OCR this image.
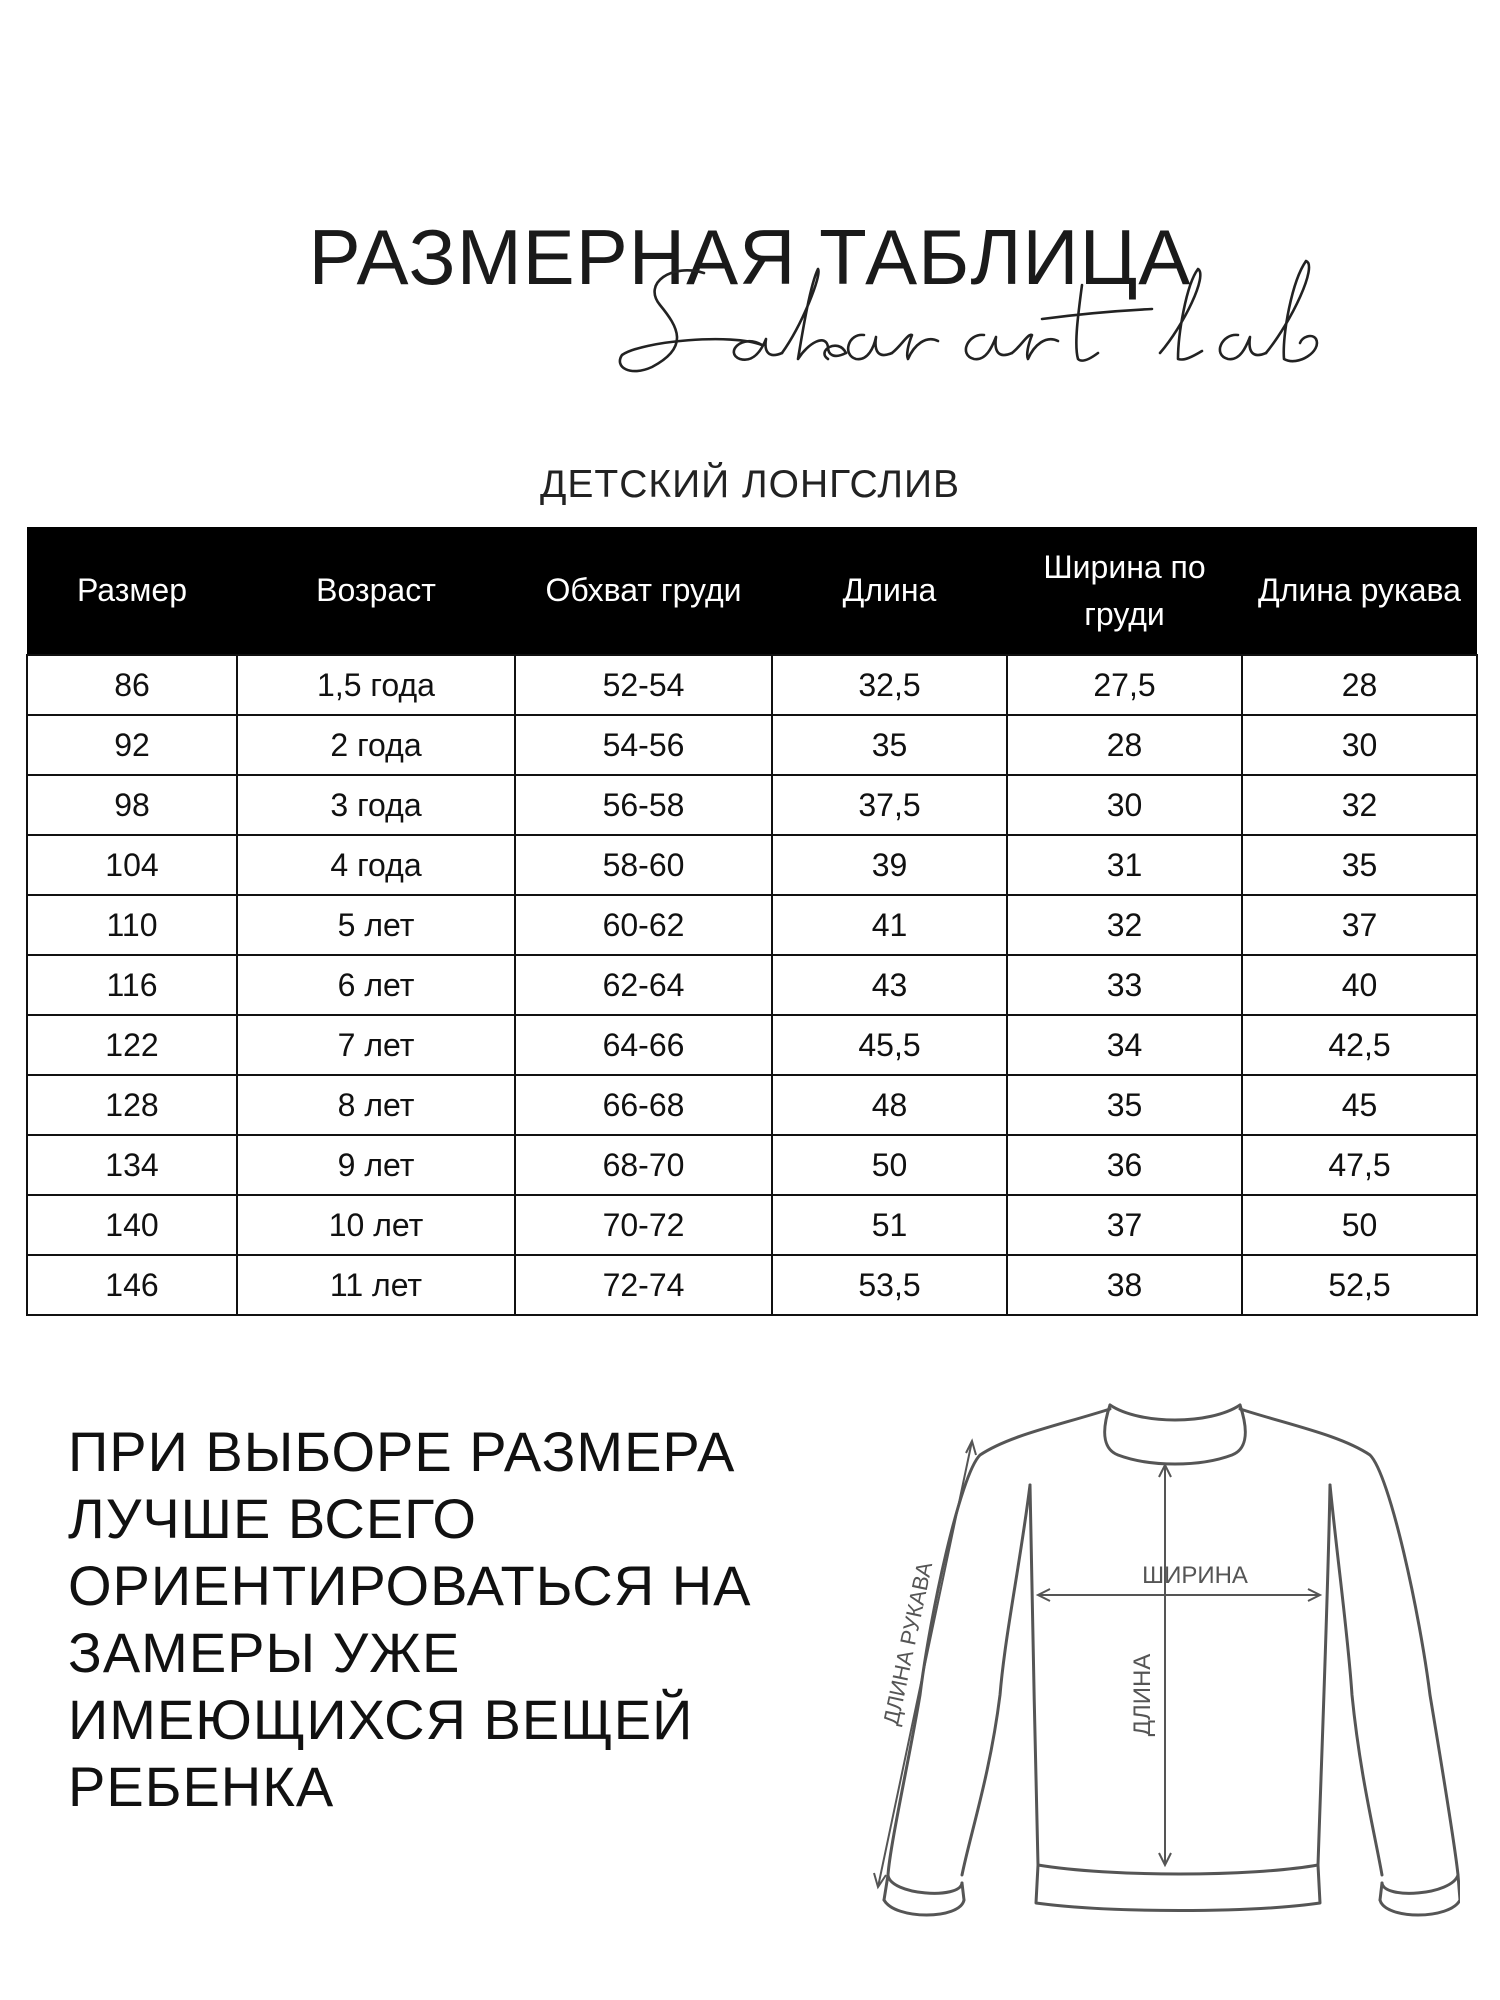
РАЗМЕРНАЯ ТАБЛИЦА

ДЕТСКИЙ ЛОНГСЛИВ

Размер	Возраст	Обхват груди	Длина	Ширина по груди	Длина рукава
86	1,5 года	52-54	32,5	27,5	28
92	2 года	54-56	35	28	30
98	3 года	56-58	37,5	30	32
104	4 года	58-60	39	31	35
110	5 лет	60-62	41	32	37
116	6 лет	62-64	43	33	40
122	7 лет	64-66	45,5	34	42,5
128	8 лет	66-68	48	35	45
134	9 лет	68-70	50	36	47,5
140	10 лет	70-72	51	37	50
146	11 лет	72-74	53,5	38	52,5

ПРИ ВЫБОРЕ РАЗМЕРА
ЛУЧШЕ ВСЕГО
ОРИЕНТИРОВАТЬСЯ НА
ЗАМЕРЫ УЖЕ
ИМЕЮЩИХСЯ ВЕЩЕЙ
РЕБЕНКА

ШИРИНА
ДЛИНА
ДЛИНА РУКАВА
